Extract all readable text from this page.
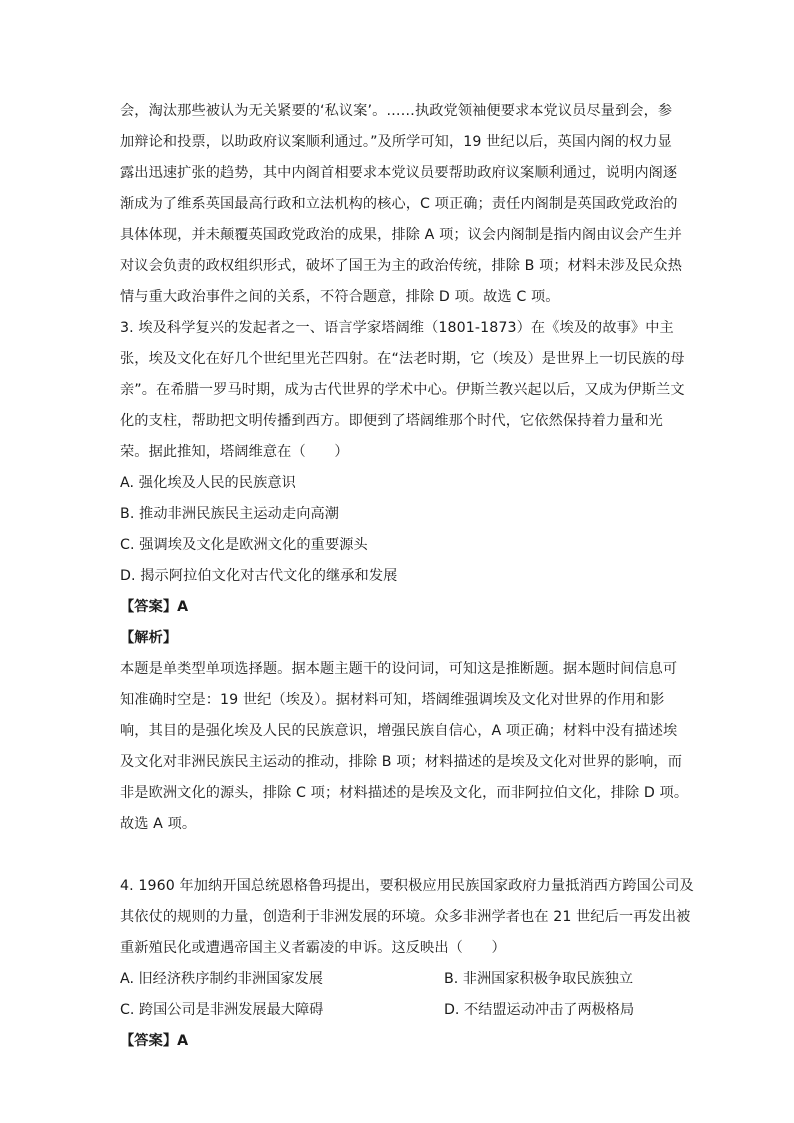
会，淘汰那些被认为无关紧要的‘私议案’。……执政党领袖便要求本党议员尽量到会，参
加辩论和投票，以助政府议案顺利通过。”及所学可知，19 世纪以后，英国内阁的权力显
露出迅速扩张的趋势，其中内阁首相要求本党议员要帮助政府议案顺利通过，说明内阁逐
渐成为了维系英国最高行政和立法机构的核心，C 项正确；责任内阁制是英国政党政治的
具体体现，并未颠覆英国政党政治的成果，排除 A 项；议会内阁制是指内阁由议会产生并
对议会负责的政权组织形式，破坏了国王为主的政治传统，排除 B 项；材料未涉及民众热
情与重大政治事件之间的关系，不符合题意，排除 D 项。故选 C 项。
3. 埃及科学复兴的发起者之一、语言学家塔阔维（1801-1873）在《埃及的故事》中主
张，埃及文化在好几个世纪里光芒四射。在“法老时期，它（埃及）是世界上一切民族的母
亲”。在希腊一罗马时期，成为古代世界的学术中心。伊斯兰教兴起以后，又成为伊斯兰文
化的支柱，帮助把文明传播到西方。即便到了塔阔维那个时代，它依然保持着力量和光
荣。据此推知，塔阔维意在（　　）
A. 强化埃及人民的民族意识
B. 推动非洲民族民主运动走向高潮
C. 强调埃及文化是欧洲文化的重要源头
D. 揭示阿拉伯文化对古代文化的继承和发展
【答案】A
【解析】
本题是单类型单项选择题。据本题主题干的设问词，可知这是推断题。据本题时间信息可
知准确时空是：19 世纪（埃及）。据材料可知，塔阔维强调埃及文化对世界的作用和影
响，其目的是强化埃及人民的民族意识，增强民族自信心，A 项正确；材料中没有描述埃
及文化对非洲民族民主运动的推动，排除 B 项；材料描述的是埃及文化对世界的影响，而
非是欧洲文化的源头，排除 C 项；材料描述的是埃及文化，而非阿拉伯文化，排除 D 项。
故选 A 项。
4. 1960 年加纳开国总统恩格鲁玛提出，要积极应用民族国家政府力量抵消西方跨国公司及
其依仗的规则的力量，创造利于非洲发展的环境。众多非洲学者也在 21 世纪后一再发出被
重新殖民化或遭遇帝国主义者霸凌的申诉。这反映出（　　）
A. 旧经济秩序制约非洲国家发展	B. 非洲国家积极争取民族独立
C. 跨国公司是非洲发展最大障碍	D. 不结盟运动冲击了两极格局
【答案】A
